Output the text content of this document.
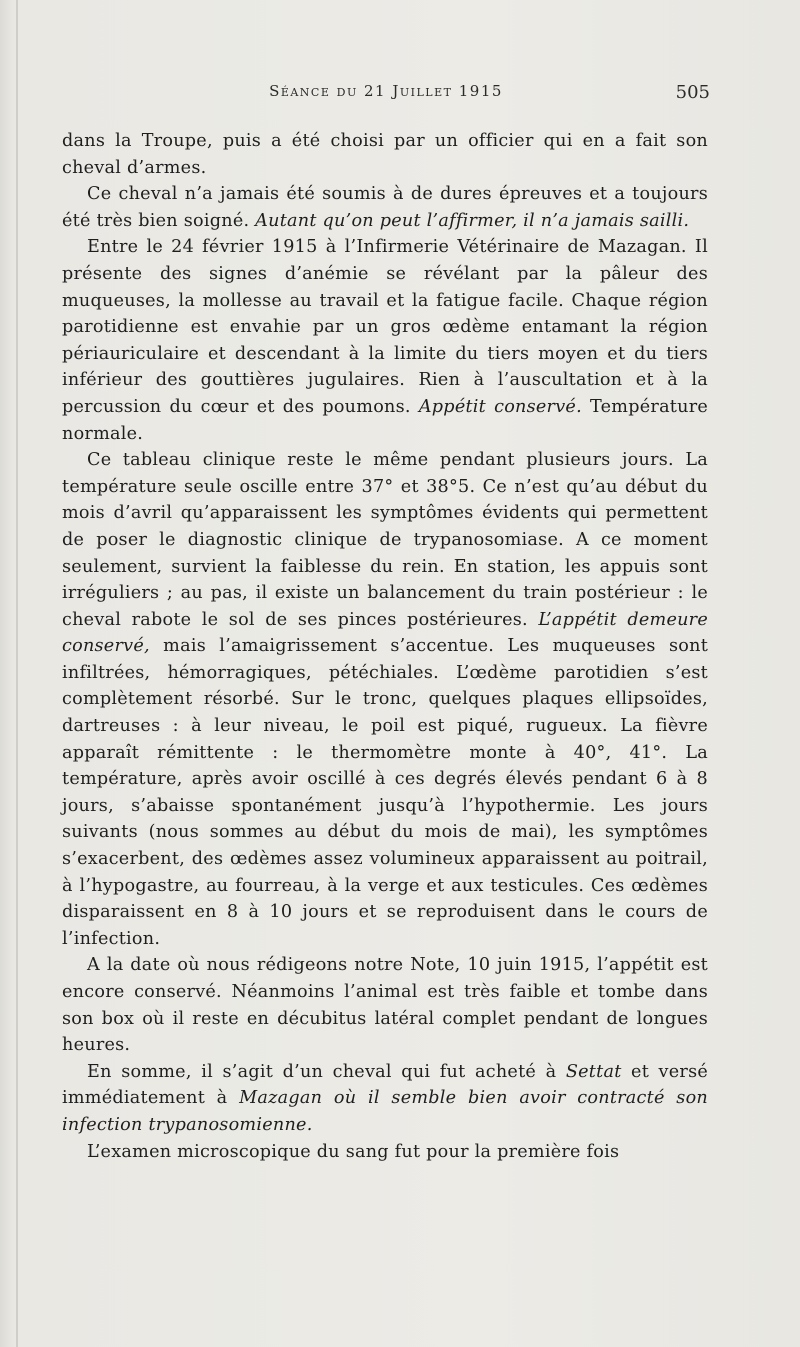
Séance du 21 Juillet 1915	505

dans la Troupe, puis a été choisi par un officier qui en a fait son cheval d’armes.

Ce cheval n’a jamais été soumis à de dures épreuves et a toujours été très bien soigné. Autant qu’on peut l’affirmer, il n’a jamais sailli.

Entre le 24 février 1915 à l’Infirmerie Vétérinaire de Mazagan. Il présente des signes d’anémie se révélant par la pâleur des muqueuses, la mollesse au travail et la fatigue facile. Chaque région parotidienne est envahie par un gros œdème entamant la région périauriculaire et descendant à la limite du tiers moyen et du tiers inférieur des gouttières jugulaires. Rien à l’auscultation et à la percussion du cœur et des poumons. Appétit conservé. Température normale.

Ce tableau clinique reste le même pendant plusieurs jours. La température seule oscille entre 37° et 38°5. Ce n’est qu’au début du mois d’avril qu’apparaissent les symptômes évidents qui permettent de poser le diagnostic clinique de trypanosomiase. A ce moment seulement, survient la faiblesse du rein. En station, les appuis sont irréguliers ; au pas, il existe un balancement du train postérieur : le cheval rabote le sol de ses pinces postérieures. L’appétit demeure conservé, mais l’amaigrissement s’accentue. Les muqueuses sont infiltrées, hémorragiques, pétéchiales. L’œdème parotidien s’est complètement résorbé. Sur le tronc, quelques plaques ellipsoïdes, dartreuses : à leur niveau, le poil est piqué, rugueux. La fièvre apparaît rémittente : le thermomètre monte à 40°, 41°. La température, après avoir oscillé à ces degrés élevés pendant 6 à 8 jours, s’abaisse spontanément jusqu’à l’hypothermie. Les jours suivants (nous sommes au début du mois de mai), les symptômes s’exacerbent, des œdèmes assez volumineux apparaissent au poitrail, à l’hypogastre, au fourreau, à la verge et aux testicules. Ces œdèmes disparaissent en 8 à 10 jours et se reproduisent dans le cours de l’infection.

A la date où nous rédigeons notre Note, 10 juin 1915, l’appétit est encore conservé. Néanmoins l’animal est très faible et tombe dans son box où il reste en décubitus latéral complet pendant de longues heures.

En somme, il s’agit d’un cheval qui fut acheté à Settat et versé immédiatement à Mazagan où il semble bien avoir contracté son infection trypanosomienne.

L’examen microscopique du sang fut pour la première fois
